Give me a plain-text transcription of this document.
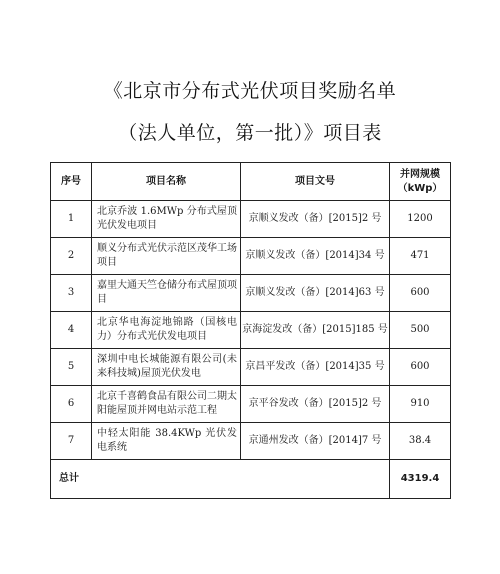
《北京市分布式光伏项目奖励名单
（法人单位，第一批）》项目表
序号	项目名称	项目文号	并网规模
（kWp）

1	北京乔波 1.6MWp 分布式屋顶光伏发电项目	京顺义发改（备）[2015]2 号	1200
2	顺义分布式光伏示范区茂华工场项目	京顺义发改（备）[2014]34 号	471
3	嘉里大通天竺仓储分布式屋顶项目	京顺义发改（备）[2014]63 号	600
4	北京华电海淀地锦路（国核电力）分布式光伏发电项目	京海淀发改（备）[2015]185 号	500
5	深圳中电长城能源有限公司(未来科技城)屋顶光伏发电	京昌平发改（备）[2014]35 号	600
6	北京千喜鹤食品有限公司二期太阳能屋顶并网电站示范工程	京平谷发改（备）[2015]2 号	910
7	中轻太阳能 38.4KWp 光伏发电系统	京通州发改（备）[2014]7 号	38.4
总计			4319.4
